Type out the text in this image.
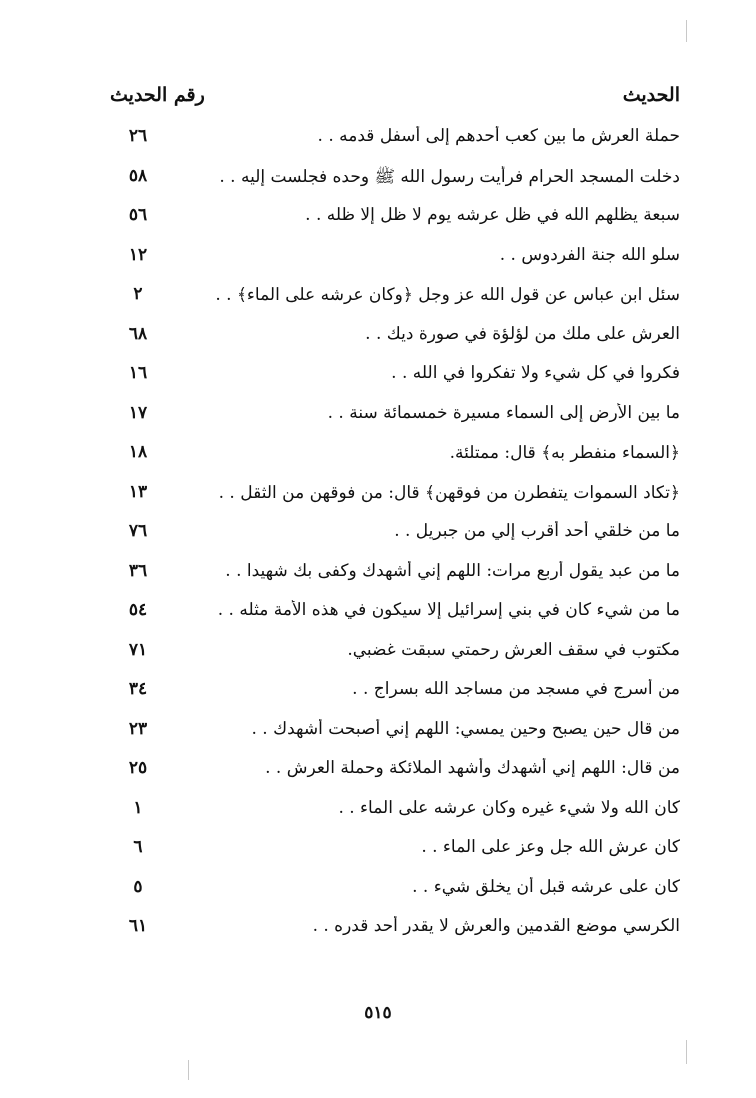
الحديث
رقم الحديث
حملة العرش ما بين كعب أحدهم إلى أسفل قدمه . .
٢٦
دخلت المسجد الحرام فرأيت رسول الله ﷺ وحده فجلست إليه . .
٥٨
سبعة يظلهم الله في ظل عرشه يوم لا ظل إلا ظله . .
٥٦
سلو الله جنة الفردوس . .
١٢
سئل ابن عباس عن قول الله عز وجل ﴿وكان عرشه على الماء﴾ . .
٢
العرش على ملك من لؤلؤة في صورة ديك . .
٦٨
فكروا في كل شيء ولا تفكروا في الله . .
١٦
ما بين الأرض إلى السماء مسيرة خمسمائة سنة . .
١٧
﴿السماء منفطر به﴾ قال: ممتلئة.
١٨
﴿تكاد السموات يتفطرن من فوقهن﴾ قال: من فوقهن من الثقل . .
١٣
ما من خلقي أحد أقرب إلي من جبريل . .
٧٦
ما من عبد يقول أربع مرات: اللهم إني أشهدك وكفى بك شهيدا . .
٣٦
ما من شيء كان في بني إسرائيل إلا سيكون في هذه الأمة مثله . .
٥٤
مكتوب في سقف العرش رحمتي سبقت غضبي.
٧١
من أسرج في مسجد من مساجد الله بسراج . .
٣٤
من قال حين يصبح وحين يمسي: اللهم إني أصبحت أشهدك . .
٢٣
من قال: اللهم إني أشهدك وأشهد الملائكة وحملة العرش . .
٢٥
كان الله ولا شيء غيره وكان عرشه على الماء . .
١
كان عرش الله جل وعز على الماء . .
٦
كان على عرشه قبل أن يخلق شيء . .
٥
الكرسي موضع القدمين والعرش لا يقدر أحد قدره . .
٦١
٥١٥
